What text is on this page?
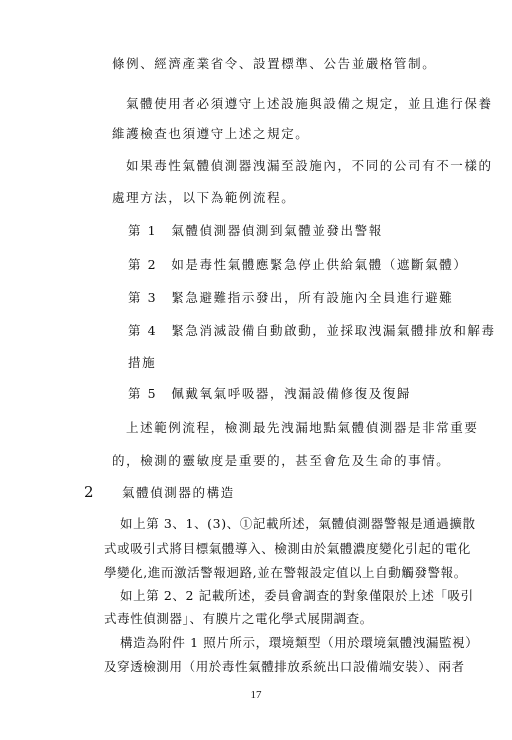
條例、經濟產業省令、設置標準、公告並嚴格管制。
氣體使用者必須遵守上述設施與設備之規定，並且進行保養
維護檢查也須遵守上述之規定。
如果毒性氣體偵測器洩漏至設施內，不同的公司有不一樣的
處理方法，以下為範例流程。
第 1　氣體偵測器偵測到氣體並發出警報
第 2　如是毒性氣體應緊急停止供給氣體（遮斷氣體）
第 3　緊急避難指示發出，所有設施內全員進行避難
第 4　緊急消滅設備自動啟動，並採取洩漏氣體排放和解毒
措施
第 5　佩戴氧氣呼吸器，洩漏設備修復及復歸
上述範例流程，檢測最先洩漏地點氣體偵測器是非常重要
的，檢測的靈敏度是重要的，甚至會危及生命的事情。
2 氣體偵測器的構造
如上第 3、1、(3)、①記載所述，氣體偵測器警報是通過擴散
式或吸引式將目標氣體導入、檢測由於氣體濃度變化引起的電化
學變化,進而激活警報迴路,並在警報設定值以上自動觸發警報。
如上第 2、2 記載所述，委員會調查的對象僅限於上述「吸引
式毒性偵測器」、有膜片之電化學式展開調查。
構造為附件 1 照片所示，環境類型（用於環境氣體洩漏監視）
及穿透檢測用（用於毒性氣體排放系統出口設備端安裝）、兩者
17
